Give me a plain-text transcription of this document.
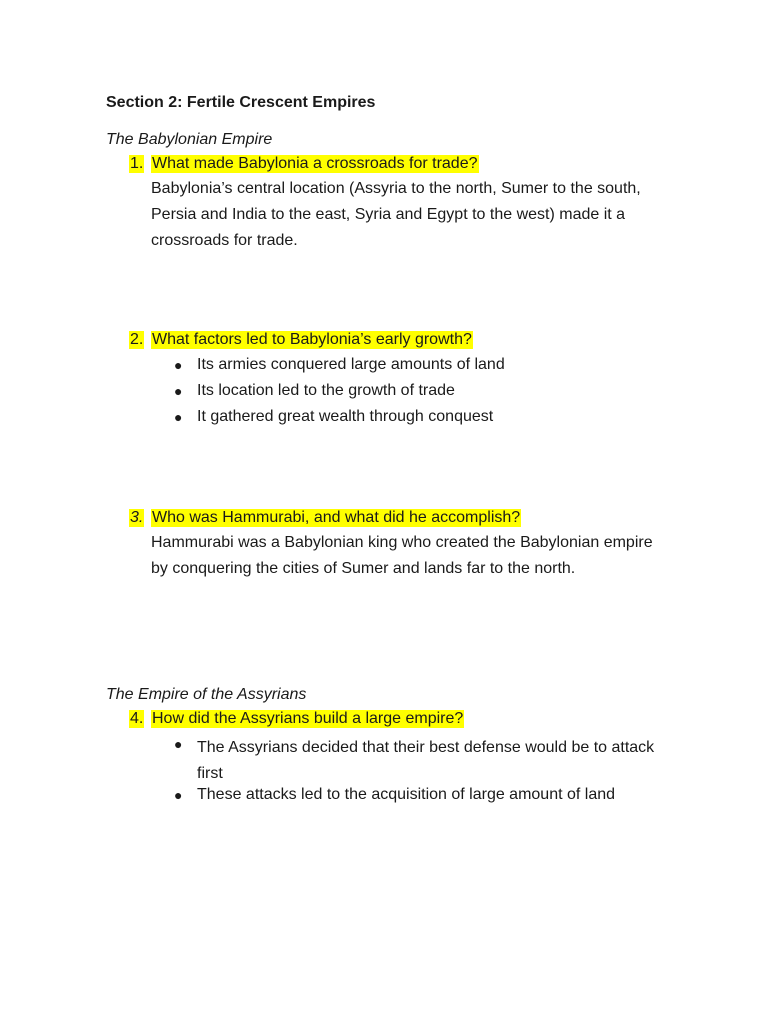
Section 2: Fertile Crescent Empires
The Babylonian Empire
1. What made Babylonia a crossroads for trade?
Babylonia’s central location (Assyria to the north, Sumer to the south,
Persia and India to the east, Syria and Egypt to the west) made it a
crossroads for trade.
2. What factors led to Babylonia’s early growth?
● Its armies conquered large amounts of land
● Its location led to the growth of trade
● It gathered great wealth through conquest
3. Who was Hammurabi, and what did he accomplish?
Hammurabi was a Babylonian king who created the Babylonian empire
by conquering the cities of Sumer and lands far to the north.
The Empire of the Assyrians
4. How did the Assyrians build a large empire?
● The Assyrians decided that their best defense would be to attack
first
● These attacks led to the acquisition of large amount of land
